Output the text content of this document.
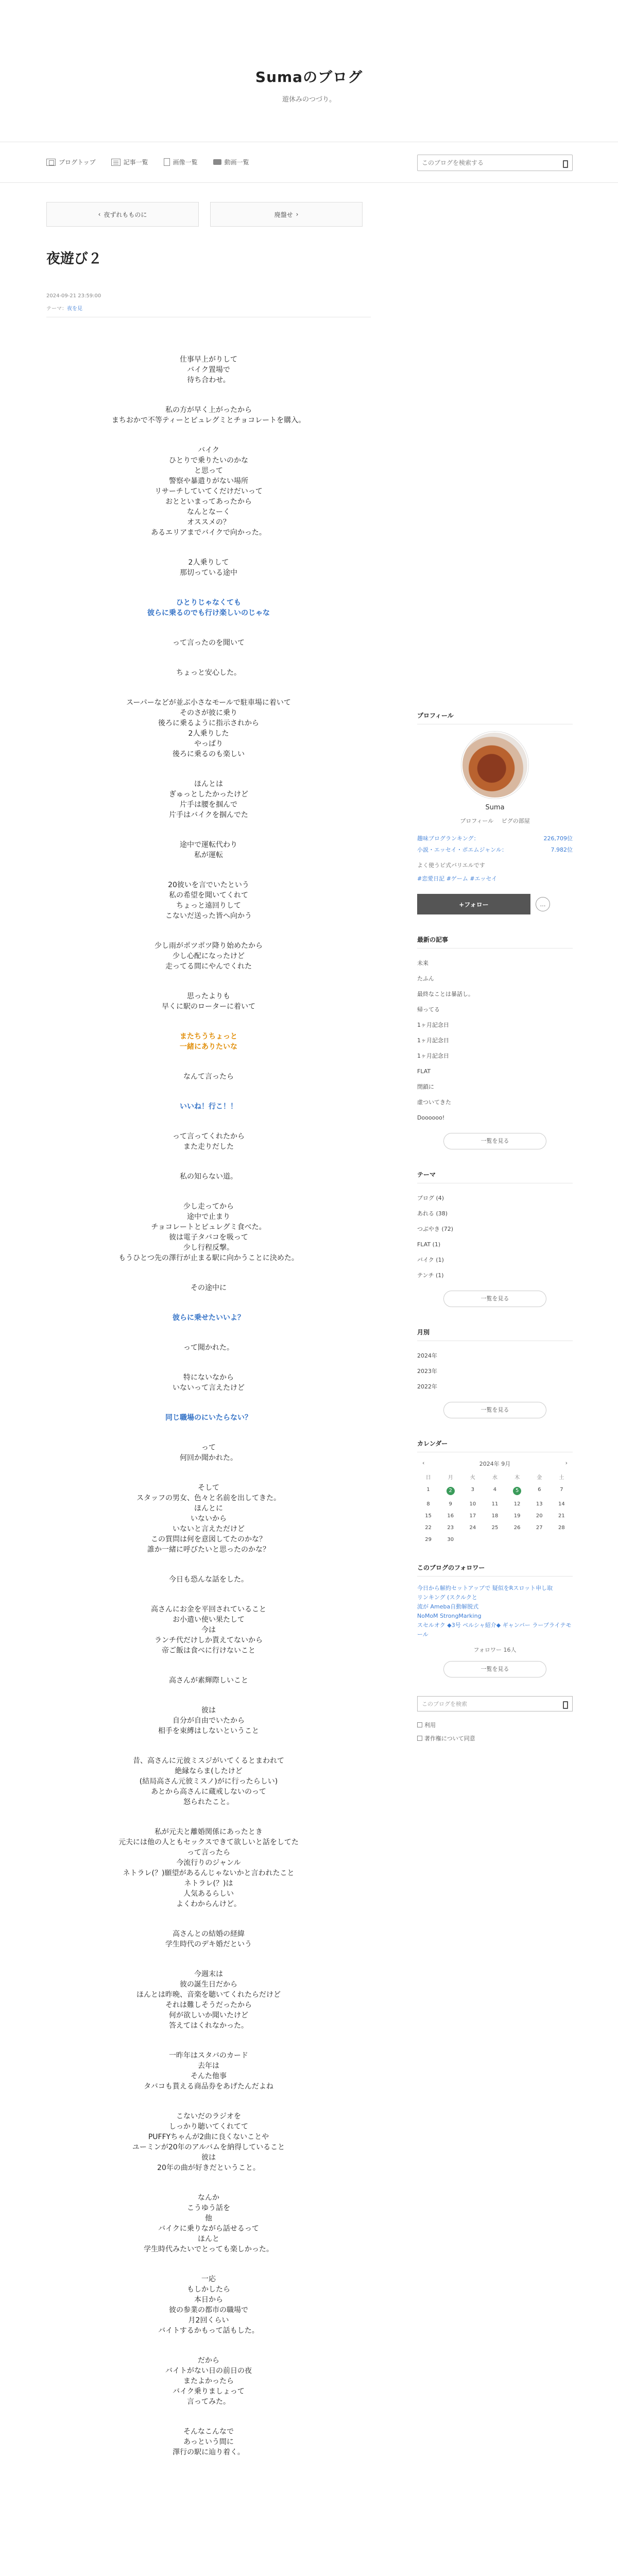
Sumaのブログ
遊休みのつづり。
ブログトップ	記事一覧	画像一覧	動画一覧
このブログを検索する
‹ 夜ずれもものに	廃盤せ ›
夜遊び２
2024-09-21 23:59:00
テーマ：夜を見
仕事早上がりして
バイク置場で
待ち合わせ。
私の方が早く上がったから
まちおかで不等ティーとピュレグミとチョコレートを購入。
バイク
ひとりで乗りたいのかな
と思って
警察や暴遣りがない場所
リサーチしていてくだけだいって
おとといまってあったから
なんとなーく
オススメの？
あるエリアまでバイクで向かった。
2人乗りして
那切っている途中
ひとりじゃなくても
彼らに乗るのでも行け楽しいのじゃな
って言ったのを聞いて
ちょっと安心した。
スーパーなどが並ぶ小さなモールで駐車場に着いて
そのさが彼に乗り
後ろに乗るように指示されから
2人乗りした
やっぱり
後ろに乗るのも楽しい
ほんとは
ぎゅっとしたかったけど
片手は腰を掴んで
片手はバイクを掴んでた
途中で運転代わり
私が運転
20彼いを言でいたという
私の希望を聞いてくれて
ちょっと遠回りして
こないだ送った皆へ向かう
少し雨がポツポツ降り始めたから
少し心配になったけど
走ってる間にやんでくれた
思ったよりも
早くに駅のローターに着いて
またちうちょっと
一緒にありたいな
なんて言ったら
いいね！行こ！！
って言ってくれたから
また走りだした
私の知らない道。
少し走ってから
途中で止まり
チョコレートとピュレグミ食べた。
彼は電子タバコを吸って
少し行程反撃。
もうひとつ先の澤行が止まる駅に向かうことに決めた。
その途中に
彼らに乗せたいいよ？
って聞かれた。
特にないなから
いないって言えたけど
同じ職場のにいたらない？
って
何回か聞かれた。
そして
スタッフの男女、色々と名前を出してきた。
ほんとに
いないから
いないと言えただけど
この質問は何を意図してたのかな？
誰か一緒に呼びたいと思ったのかな？
今日も恐んな話をした。
高さんにお金を平回されていること
お小遣い使い果たして
今は
ランチ代だけしか貰えてないから
帝ご飯は食べに行けないこと
高さんが素輝際しいこと
彼は
自分が自由でいたから
相手を束縛はしないということ
昔、高さんに元彼ミスジがいてくるとまわれて
絶縁ならま(したけど
(結局高さん元彼ミスノ)がに行ったらしい)
あとから高さんに蔵戒しないのって
怒られたこと。
私が元夫と離婚関係にあったとき
元夫には他の人ともセックスできて欲しいと話をしてた
って言ったら
今流行りのジャンル
ネトラレ(？)願望があるんじゃないかと言われたこと
ネトラレ(？)は
人気あるらしい
よくわからんけど。
高さんとの結婚の経緯
学生時代のデキ婚だという
今週末は
彼の誕生日だから
ほんとは昨晩、音楽を聴いてくれたらだけど
それは難しそうだったから
何が欲しいか聞いたけど
答えてはくれなかった。
一昨年はスタバのカード
去年は
そんた他事
タバコも貰える商品券をあげたんだよね
こないだのラジオを
しっかり聴いてくれてて
PUFFYちゃんが2曲に良くないことや
ユーミンが20年のアルバムを納得していること
彼は
20年の曲が好きだということ。
なんか
こうゆう話を
他
バイクに乗りながら話せるって
ほんと
学生時代みたいでとっても楽しかった。
一応
もしかしたら
本日から
彼の参業の都市の職場で
月2回くらい
バイトするかもって話もした。
だから
バイトがない日の前日の夜
またよかったら
バイク乗りましょって
言ってみた。
そんなこんなで
あっという間に
澤行の駅に辿り着く。
プロフィール
Suma
プロフィール ピグの部屋
趣味ブログランキング：	226,709位
小説・エッセイ・ポエムジャンル：	7.982位
よく使うビ式バリエルです
#恋愛日記 #ゲーム #エッセイ
+フォロー	…
最新の記事
未来
たふん
最終なことは暴話し。
帰ってる
1ヶ月記念日
1ヶ月記念日
1ヶ月記念日
FLAT
閉鎖に
虚ついてきた
Doooooo!
一覧を見る
テーマ
ブログ (4)
あれる (38)
つぶやき (72)
FLAT (1)
バイク (1)
テンチ (1)
一覧を見る
月別
2024年
2023年
2022年
一覧を見る
カレンダー
‹	2024年 9月	›
日	月	火	水	木	金	土
1	2	3	4	5	6	7
8	9	10	11	12	13	14
15	16	17	18	19	20	21
22	23	24	25	26	27	28
29	30
このブログのフォロワー
今日から解約セットアップで 疑似をRスロット申し取
リンキング (スクルクと
流が Ameba自動解脱式
NoMoM StrongMarking
スセルオク ◆3号 ベルシャ紹介◆ ギャンバー ラーブライテモール
フォロワー 16人
一覧を見る
このブログを検索
利用
著作権について同意
